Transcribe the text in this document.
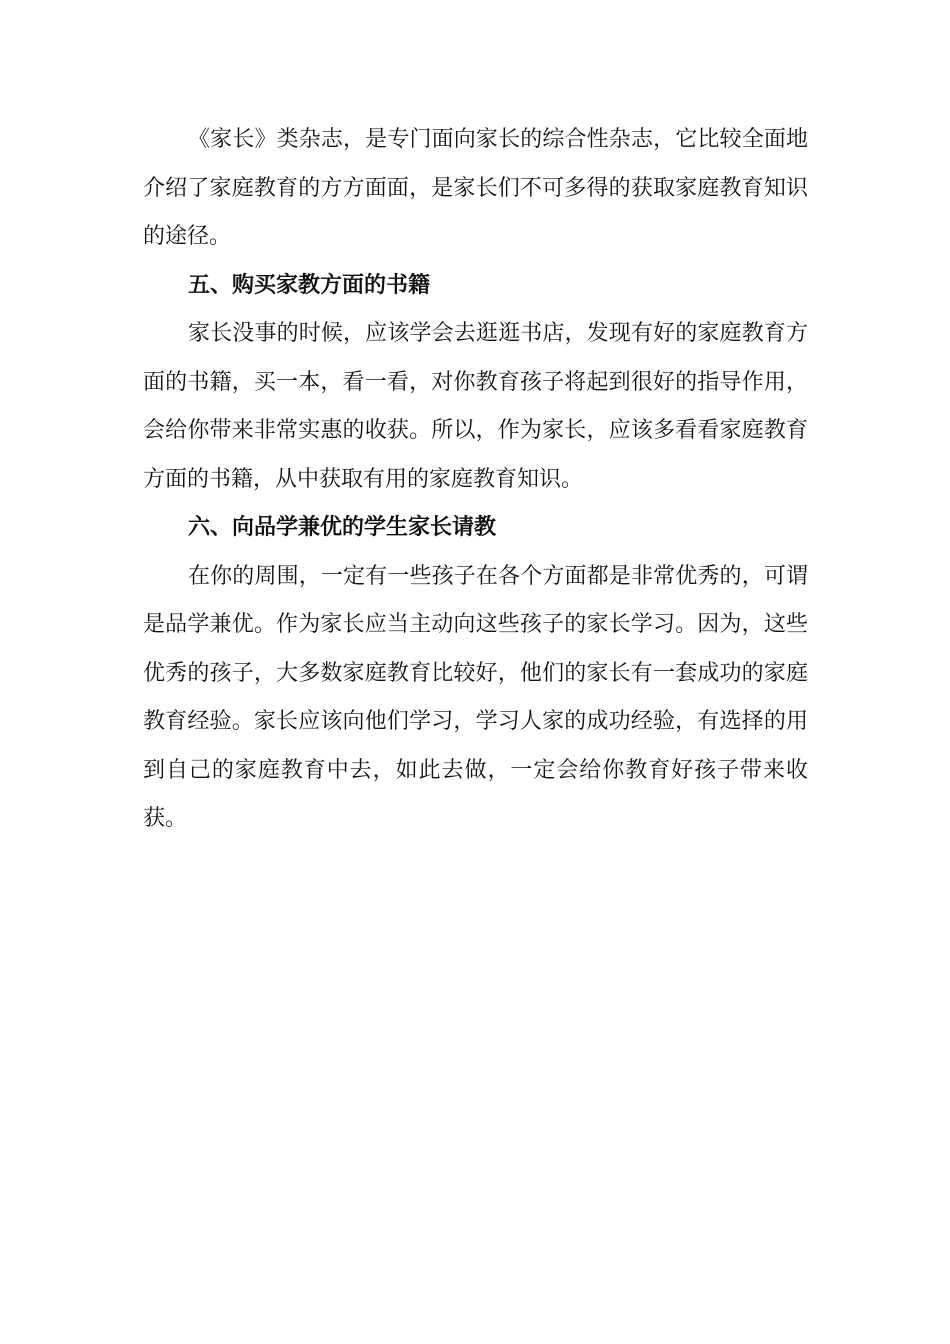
《家长》类杂志，是专门面向家长的综合性杂志，它比较全面地介绍了家庭教育的方方面面，是家长们不可多得的获取家庭教育知识的途径。

五、购买家教方面的书籍

家长没事的时候，应该学会去逛逛书店，发现有好的家庭教育方面的书籍，买一本，看一看，对你教育孩子将起到很好的指导作用，会给你带来非常实惠的收获。所以，作为家长，应该多看看家庭教育方面的书籍，从中获取有用的家庭教育知识。

六、向品学兼优的学生家长请教

在你的周围，一定有一些孩子在各个方面都是非常优秀的，可谓是品学兼优。作为家长应当主动向这些孩子的家长学习。因为，这些优秀的孩子，大多数家庭教育比较好，他们的家长有一套成功的家庭教育经验。家长应该向他们学习，学习人家的成功经验，有选择的用到自己的家庭教育中去，如此去做，一定会给你教育好孩子带来收获。
